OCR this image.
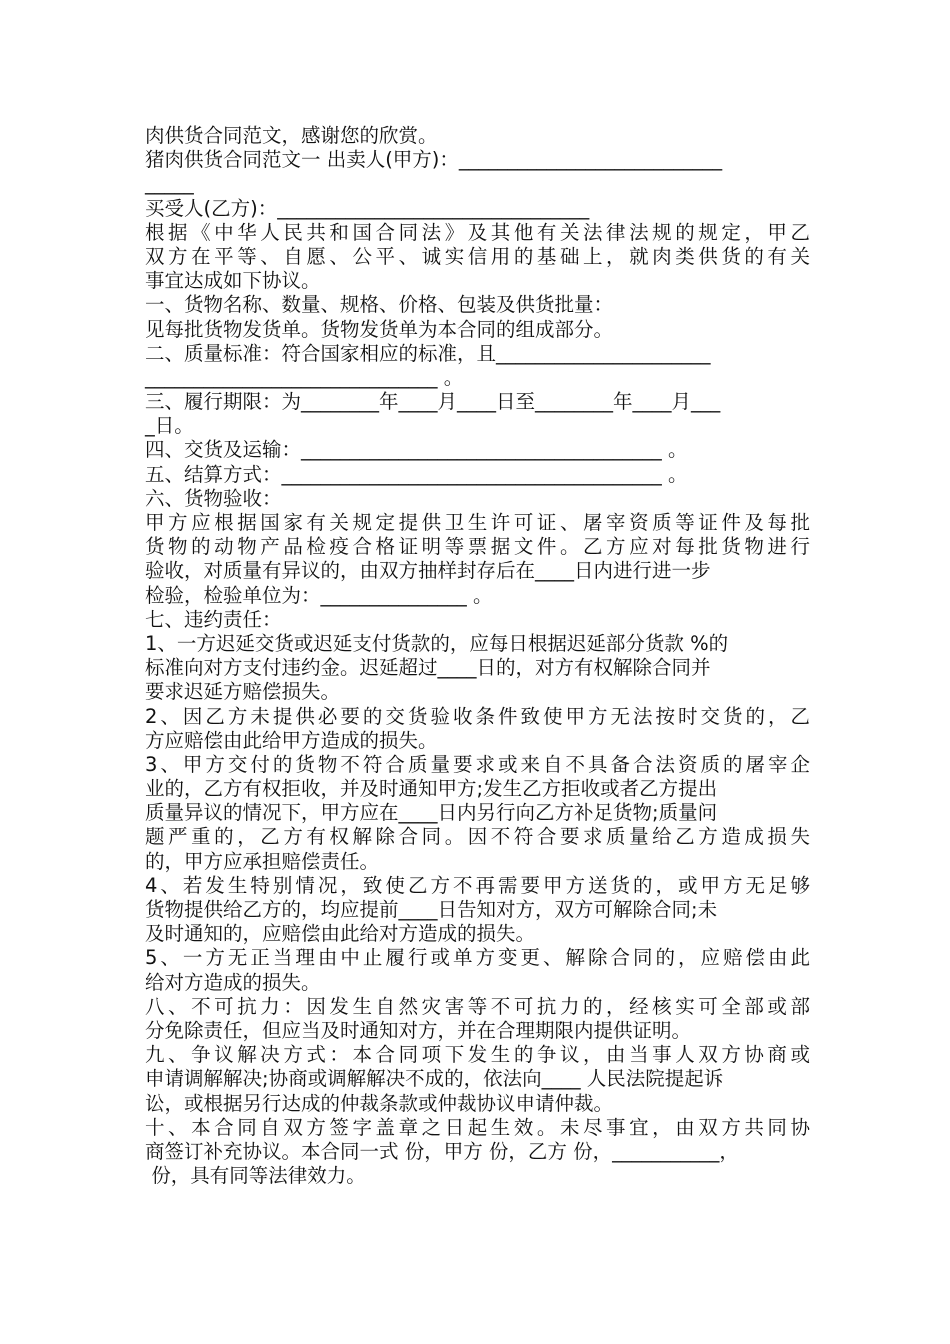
肉供货合同范文，感谢您的欣赏。

猪肉供货合同范文一 出卖人(甲方)：___________________________

_____

买受人(乙方)：________________________________

根据《中华人民共和国合同法》及其他有关法律法规的规定，甲乙

双方在平等、自愿、公平、诚实信用的基础上，就肉类供货的有关

事宜达成如下协议。

一、货物名称、数量、规格、价格、包装及供货批量：

见每批货物发货单。货物发货单为本合同的组成部分。

二、质量标准：符合国家相应的标准，且______________________

______________________________ 。

三、履行期限：为________年____月____日至________年____月___

_日。

四、交货及运输：_____________________________________ 。

五、结算方式：_______________________________________ 。

六、货物验收：

甲方应根据国家有关规定提供卫生许可证、屠宰资质等证件及每批

货物的动物产品检疫合格证明等票据文件。乙方应对每批货物进行

验收，对质量有异议的，由双方抽样封存后在____日内进行进一步

检验，检验单位为：_______________ 。

七、违约责任：

1、一方迟延交货或迟延支付货款的，应每日根据迟延部分货款 %的

标准向对方支付违约金。迟延超过____日的，对方有权解除合同并

要求迟延方赔偿损失。

2、因乙方未提供必要的交货验收条件致使甲方无法按时交货的，乙

方应赔偿由此给甲方造成的损失。

3、甲方交付的货物不符合质量要求或来自不具备合法资质的屠宰企

业的，乙方有权拒收，并及时通知甲方;发生乙方拒收或者乙方提出

质量异议的情况下，甲方应在____日内另行向乙方补足货物;质量问

题严重的，乙方有权解除合同。因不符合要求质量给乙方造成损失

的，甲方应承担赔偿责任。

4、若发生特别情况，致使乙方不再需要甲方送货的，或甲方无足够

货物提供给乙方的，均应提前____日告知对方，双方可解除合同;未

及时通知的，应赔偿由此给对方造成的损失。

5、一方无正当理由中止履行或单方变更、解除合同的，应赔偿由此

给对方造成的损失。

八、不可抗力：因发生自然灾害等不可抗力的，经核实可全部或部

分免除责任，但应当及时通知对方，并在合理期限内提供证明。

九、争议解决方式：本合同项下发生的争议，由当事人双方协商或

申请调解解决;协商或调解解决不成的，依法向____ 人民法院提起诉

讼，或根据另行达成的仲裁条款或仲裁协议申请仲裁。

十、本合同自双方签字盖章之日起生效。未尽事宜，由双方共同协

商签订补充协议。本合同一式 份，甲方 份，乙方 份，___________，

份，具有同等法律效力。
